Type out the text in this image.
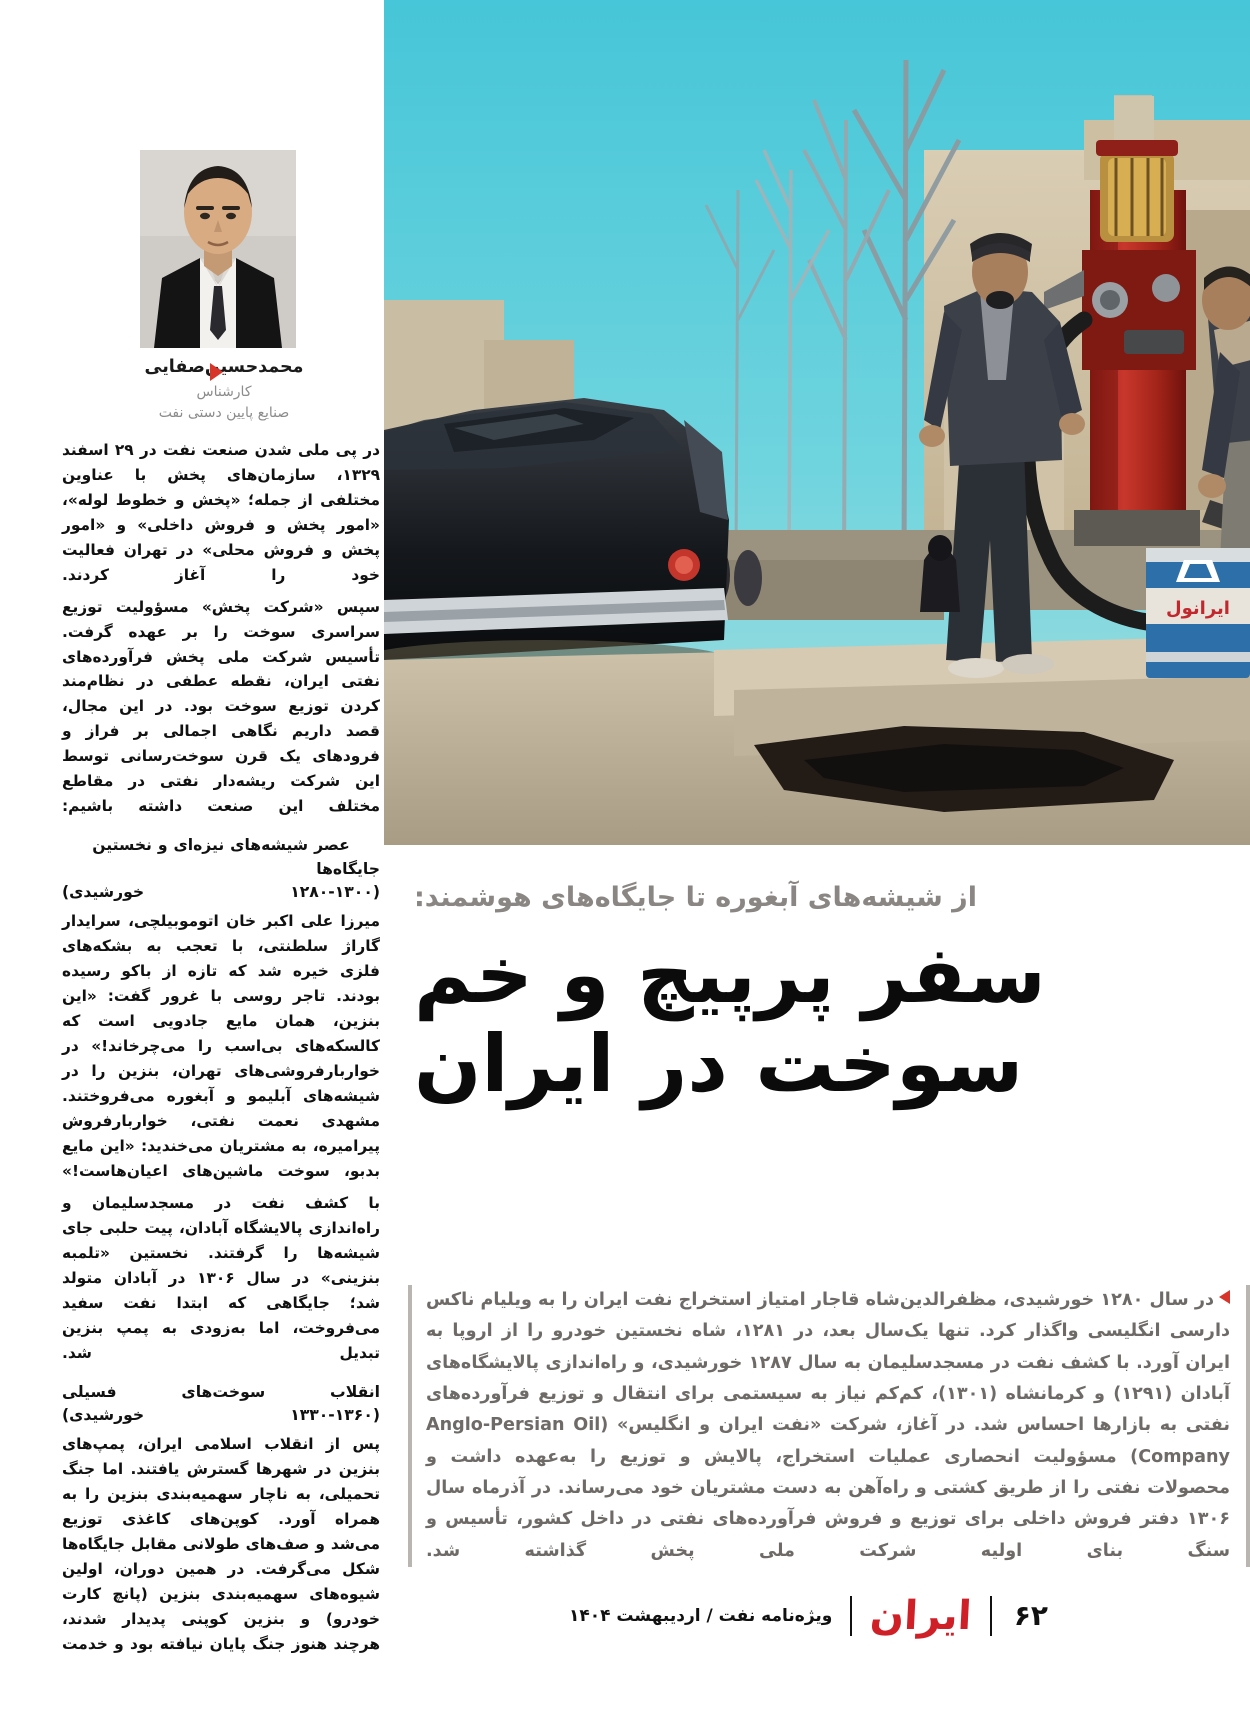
ایرانول
محمدحسین‌صفایی
کارشناس
صنایع پایین دستی نفت

در پی ملی شدن صنعت نفت در ۲۹ اسفند ۱۳۲۹، سازمان‌های پخش با عناوین مختلفی از جمله؛ «پخش و خطوط لوله»، «امور پخش و فروش داخلی» و «امور پخش و فروش محلی» در تهران فعالیت خود را آغاز کردند.

سپس «شرکت پخش» مسؤولیت توزیع سراسری سوخت را بر عهده گرفت. تأسیس شرکت ملی پخش فرآورده‌های نفتی ایران، نقطه عطفی در نظام‌مند کردن توزیع سوخت بود. در این مجال، قصد داریم نگاهی اجمالی بر فراز و فرود‌های یک قرن سوخت‌رسانی توسط این شرکت ریشه‌دار نفتی در مقاطع مختلف این صنعت داشته باشیم:

عصر شیشه‌های نیزه‌ای و نخستین جایگاه‌ها
(۱۲۸۰-۱۳۰۰ خورشیدی)

میرزا علی اکبر خان اتوموبیلچی، سرایدار گاراژ سلطنتی، با تعجب به بشکه‌های فلزی خیره شد که تازه از باکو رسیده بودند. تاجر روسی با غرور گفت: «این بنزین، همان مایع جادویی است که کالسکه‌های بی‌اسب را می‌چرخاند!» در خواربارفروشی‌های تهران، بنزین را در شیشه‌های آبلیمو و آبغوره می‌فروختند. مشهدی نعمت نفتی، خواربارفروش پیرامیره، به مشتریان می‌خندید: «این مایع بدبو، سوخت ماشین‌های اعیان‌هاست!»

با کشف نفت در مسجدسلیمان و راه‌اندازی پالایشگاه آبادان، پیت حلبی جای شیشه‌ها را گرفتند. نخستین «تلمبه بنزینی» در سال ۱۳۰۶ در آبادان متولد شد؛ جایگاهی که ابتدا نفت سفید می‌فروخت، اما به‌زودی به پمپ بنزین تبدیل شد.

انقلاب سوخت‌های فسیلی
(۱۳۳۰-۱۳۶۰ خورشیدی)

پس از انقلاب اسلامی ایران، پمپ‌های بنزین در شهرها گسترش یافتند. اما جنگ تحمیلی، به ناچار سهمیه‌بندی بنزین را به همراه آورد. کوپن‌های کاغذی توزیع می‌شد و صف‌های طولانی مقابل جایگاه‌ها شکل می‌گرفت. در همین دوران، اولین شیوه‌های سهمیه‌بندی بنزین (پانچ کارت خودرو) و بنزین کوپنی پدیدار شدند، هرچند هنوز جنگ پایان نیافته بود و خدمت

از شیشه‌های آبغوره تا جایگاه‌های هوشمند:
سفر پرپیچ و خم
سوخت در ایران
در سال ۱۲۸۰ خورشیدی، مظفرالدین‌شاه قاجار امتیاز استخراج نفت ایران را به ویلیام ناکس دارسی انگلیسی واگذار کرد. تنها یک‌سال بعد، در ۱۲۸۱، شاه نخستین خودرو را از اروپا به ایران آورد. با کشف نفت در مسجدسلیمان به سال ۱۲۸۷ خورشیدی، و راه‌اندازی پالایشگاه‌های آبادان (۱۲۹۱) و کرمانشاه (۱۳۰۱)، کم‌کم نیاز به سیستمی برای انتقال و توزیع فرآورده‌های نفتی به بازارها احساس شد. در آغاز، شرکت «نفت ایران و انگلیس» (Anglo-Persian Oil Company) مسؤولیت انحصاری عملیات استخراج، پالایش و توزیع را به‌عهده داشت و محصولات نفتی را از طریق کشتی و راه‌آهن به دست مشتریان خود می‌رساند. در آذرماه سال ۱۳۰۶ دفتر فروش داخلی برای توزیع و فروش فرآورده‌های نفتی در داخل کشور، تأسیس و سنگ بنای اولیه شرکت ملی پخش گذاشته شد.
۶۲
ایران
ویژه‌نامه نفت / اردیبهشت ۱۴۰۴
